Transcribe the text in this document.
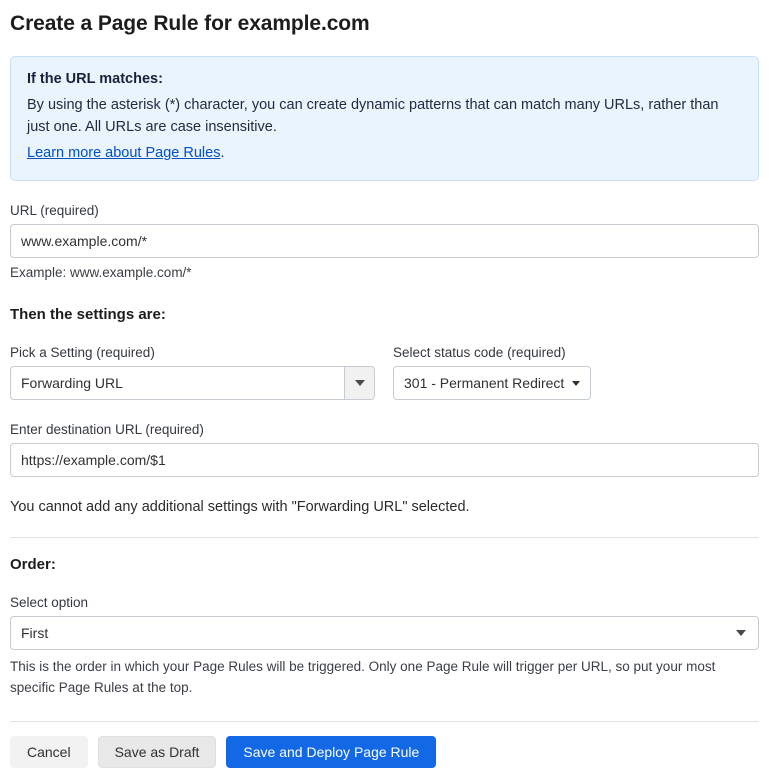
Create a Page Rule for example.com
If the URL matches:
By using the asterisk (*) character, you can create dynamic patterns that can match many URLs, rather than just one. All URLs are case insensitive.
Learn more about Page Rules.
URL (required)
www.example.com/*
Example: www.example.com/*
Then the settings are:
Pick a Setting (required)
Forwarding URL
Select status code (required)
301 - Permanent Redirect
Enter destination URL (required)
https://example.com/$1
You cannot add any additional settings with "Forwarding URL" selected.
Order:
Select option
First
This is the order in which your Page Rules will be triggered. Only one Page Rule will trigger per URL, so put your most specific Page Rules at the top.
Cancel	Save as Draft	Save and Deploy Page Rule
